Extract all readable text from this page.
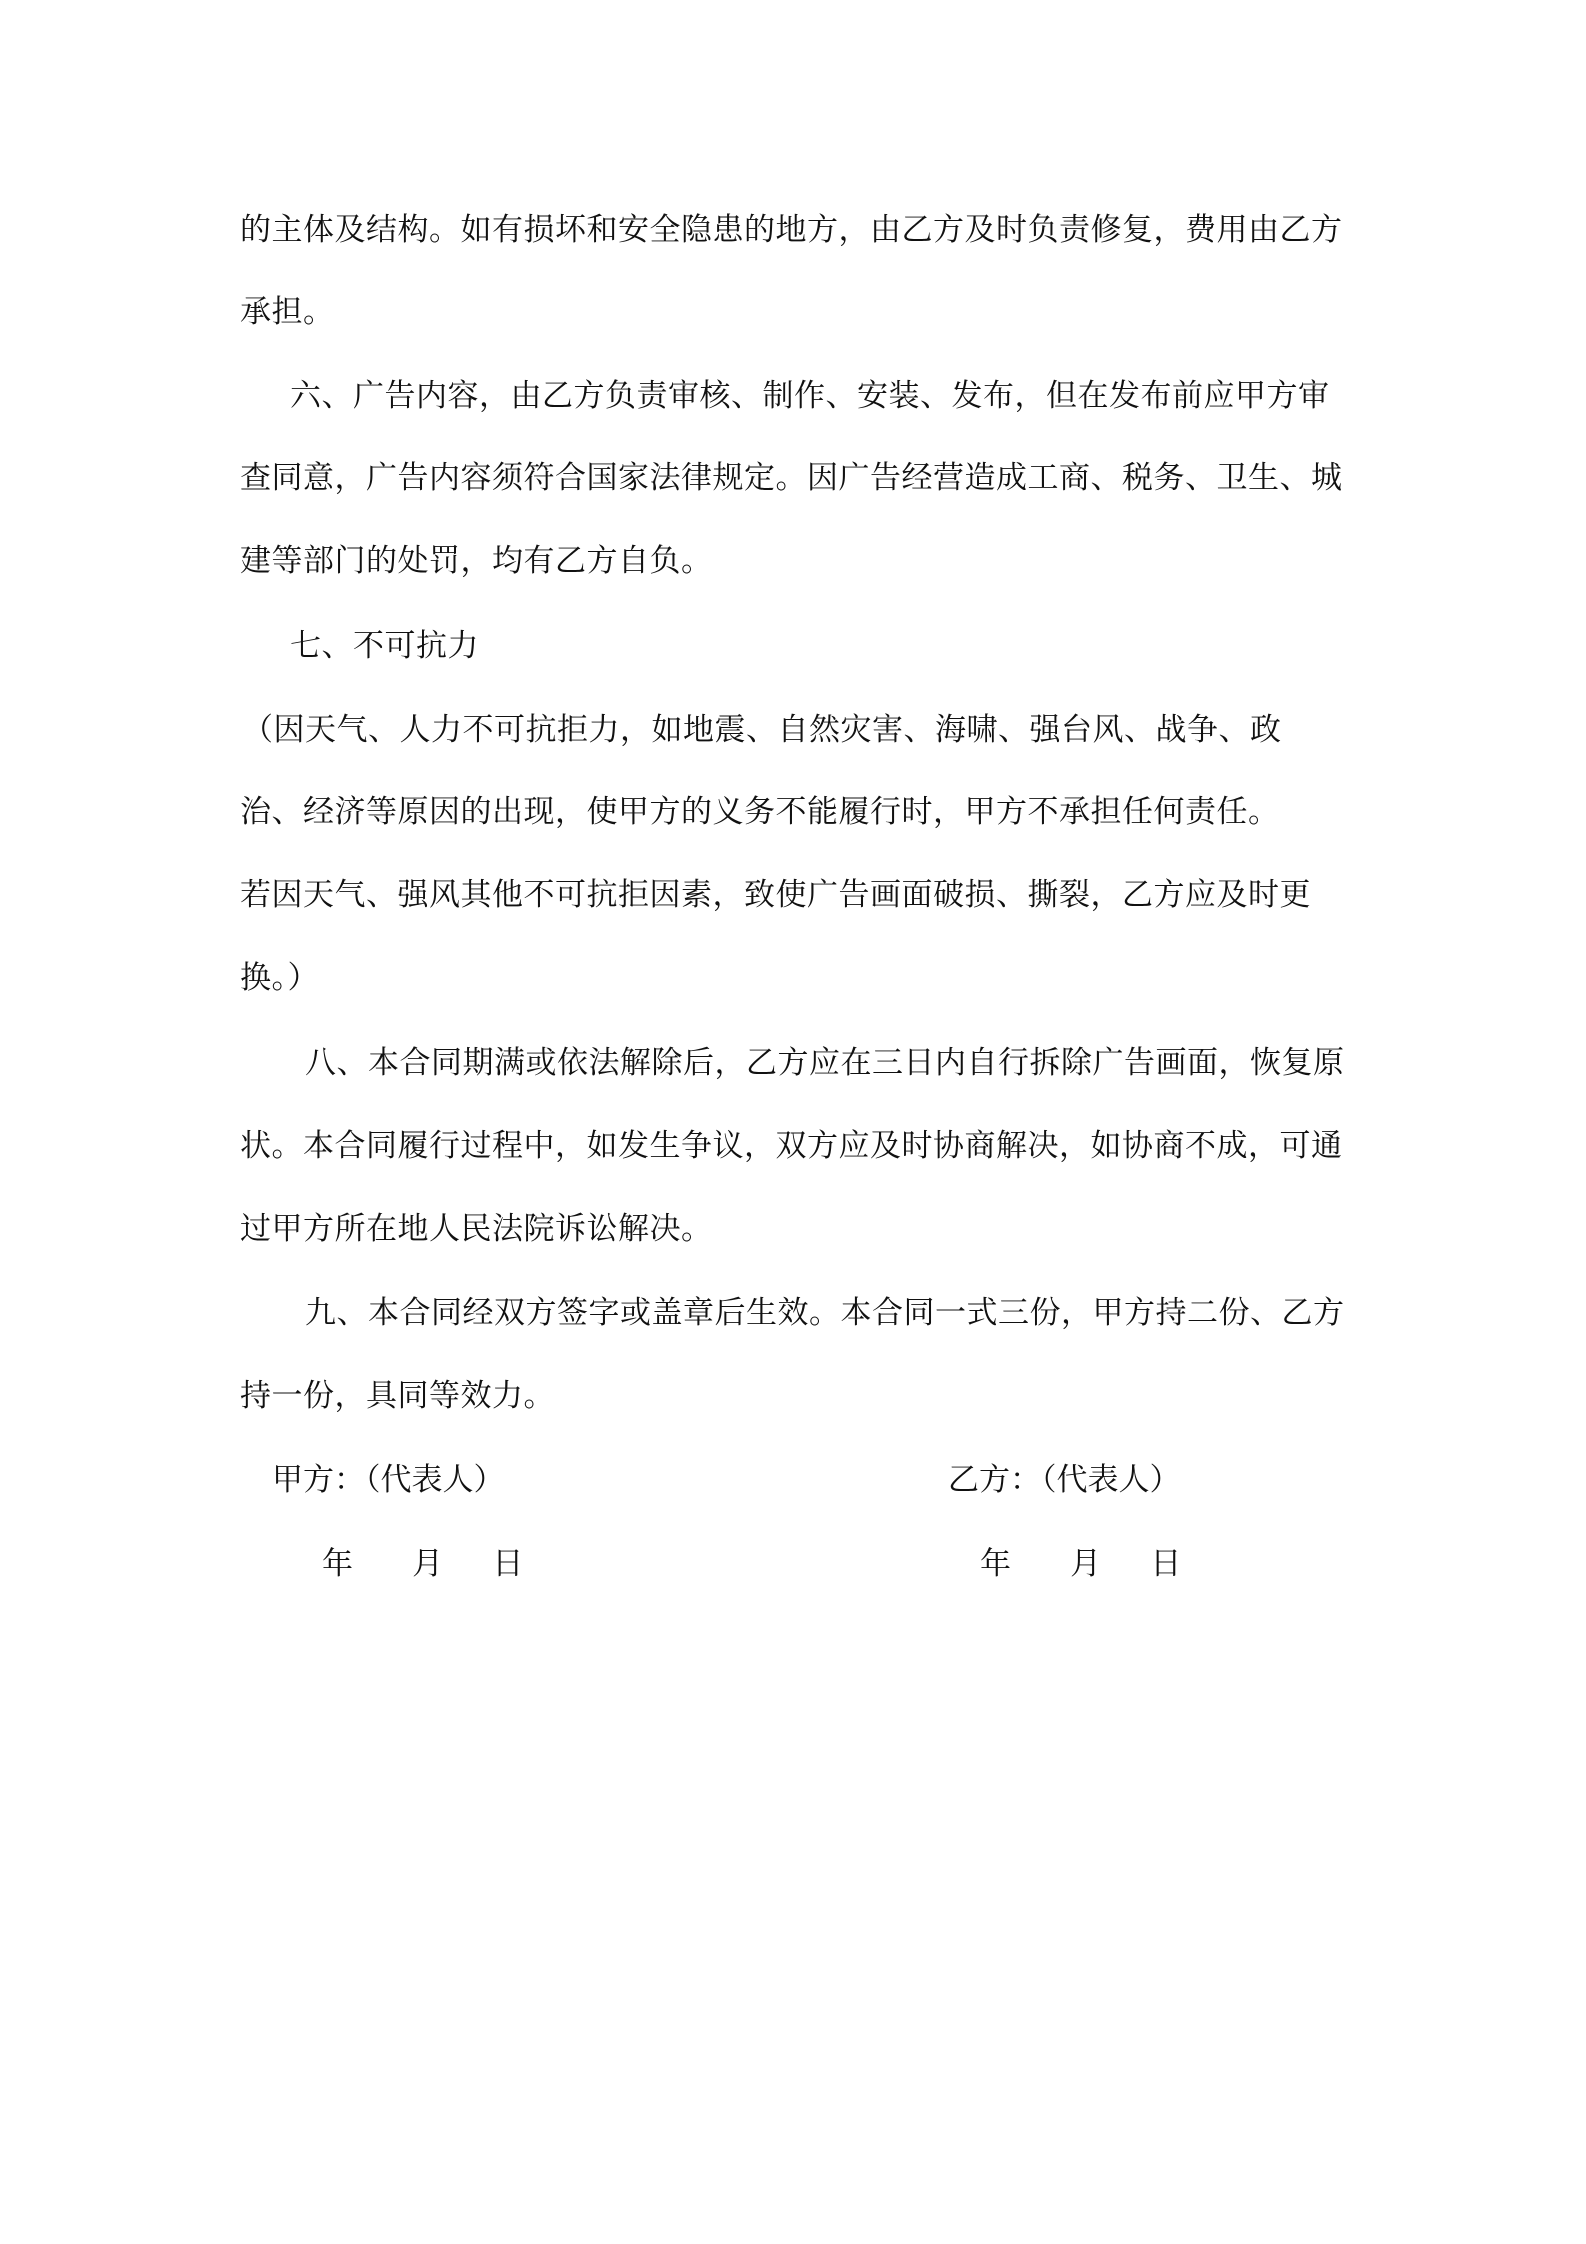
的主体及结构。如有损坏和安全隐患的地方，由乙方及时负责修复，费用由乙方
承担。
六、广告内容，由乙方负责审核、制作、安装、发布，但在发布前应甲方审
查同意，广告内容须符合国家法律规定。因广告经营造成工商、税务、卫生、城
建等部门的处罚，均有乙方自负。
七、不可抗力
（因天气、人力不可抗拒力，如地震、自然灾害、海啸、强台风、战争、政
治、经济等原因的出现，使甲方的义务不能履行时，甲方不承担任何责任。
若因天气、强风其他不可抗拒因素，致使广告画面破损、撕裂，乙方应及时更
换。）
八、本合同期满或依法解除后，乙方应在三日内自行拆除广告画面，恢复原
状。本合同履行过程中，如发生争议，双方应及时协商解决，如协商不成，可通
过甲方所在地人民法院诉讼解决。
九、本合同经双方签字或盖章后生效。本合同一式三份，甲方持二份、乙方
持一份，具同等效力。
甲方：（代表人）	乙方：（代表人）
年      月     日	年      月     日
